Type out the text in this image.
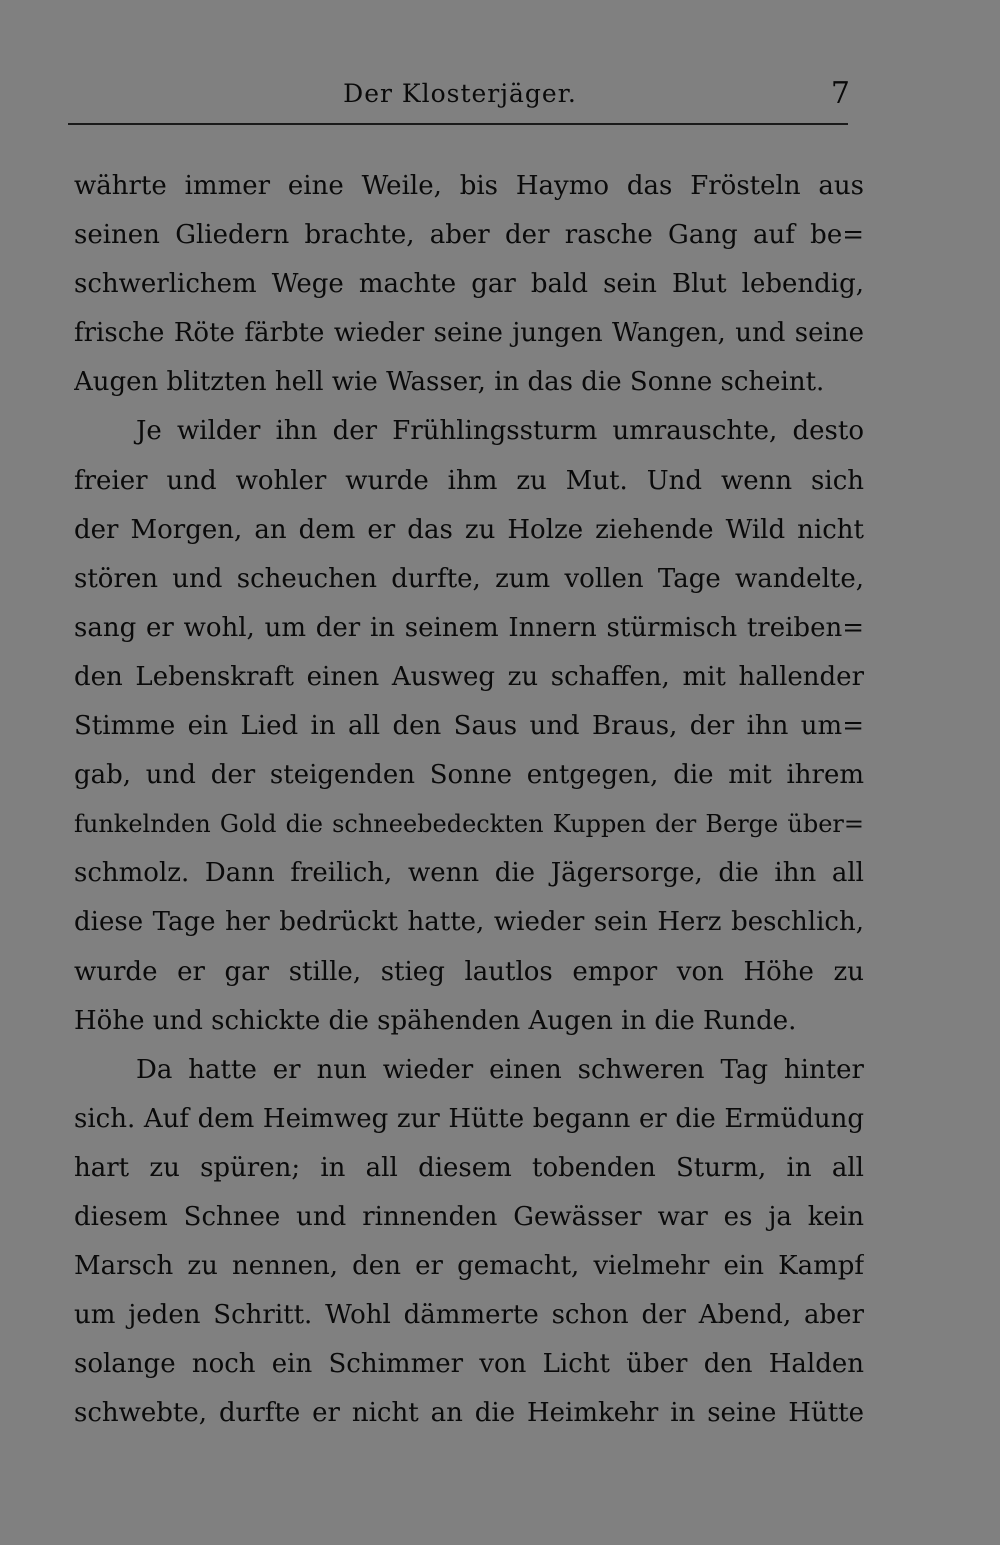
Der Klosterjäger.	7
währte immer eine Weile, bis Haymo das Frösteln aus
seinen Gliedern brachte, aber der rasche Gang auf be=
schwerlichem Wege machte gar bald sein Blut lebendig,
frische Röte färbte wieder seine jungen Wangen, und seine
Augen blitzten hell wie Wasser, in das die Sonne scheint.
Je wilder ihn der Frühlingssturm umrauschte, desto
freier und wohler wurde ihm zu Mut. Und wenn sich
der Morgen, an dem er das zu Holze ziehende Wild nicht
stören und scheuchen durfte, zum vollen Tage wandelte,
sang er wohl, um der in seinem Innern stürmisch treiben=
den Lebenskraft einen Ausweg zu schaffen, mit hallender
Stimme ein Lied in all den Saus und Braus, der ihn um=
gab, und der steigenden Sonne entgegen, die mit ihrem
funkelnden Gold die schneebedeckten Kuppen der Berge über=
schmolz. Dann freilich, wenn die Jägersorge, die ihn all
diese Tage her bedrückt hatte, wieder sein Herz beschlich,
wurde er gar stille, stieg lautlos empor von Höhe zu
Höhe und schickte die spähenden Augen in die Runde.
Da hatte er nun wieder einen schweren Tag hinter
sich. Auf dem Heimweg zur Hütte begann er die Ermüdung
hart zu spüren; in all diesem tobenden Sturm, in all
diesem Schnee und rinnenden Gewässer war es ja kein
Marsch zu nennen, den er gemacht, vielmehr ein Kampf
um jeden Schritt. Wohl dämmerte schon der Abend, aber
solange noch ein Schimmer von Licht über den Halden
schwebte, durfte er nicht an die Heimkehr in seine Hütte
